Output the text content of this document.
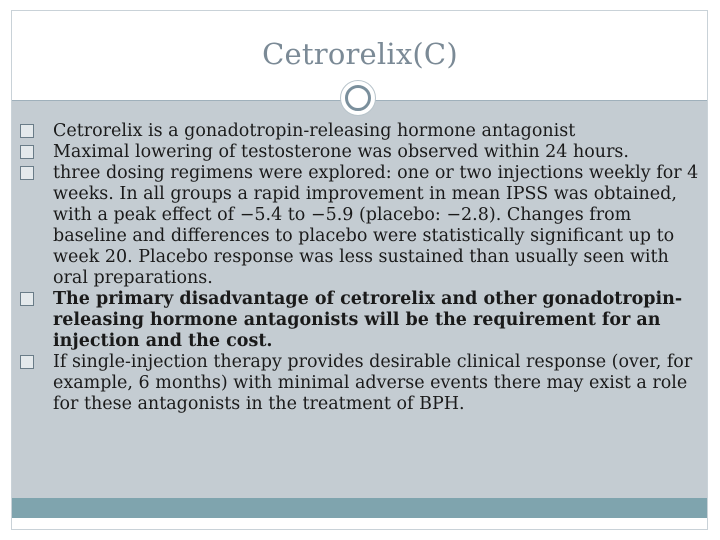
Cetrorelix(C)
Cetrorelix is a gonadotropin-releasing hormone antagonist
Maximal lowering of testosterone was observed within 24 hours.
three dosing regimens were explored: one or two injections weekly for 4 weeks. In all groups a rapid improvement in mean IPSS was obtained, with a peak effect of −5.4 to −5.9 (placebo: −2.8). Changes from baseline and differences to placebo were statistically significant up to week 20. Placebo response was less sustained than usually seen with oral preparations.
The primary disadvantage of cetrorelix and other gonadotropin-releasing hormone antagonists will be the requirement for an injection and the cost.
If single-injection therapy provides desirable clinical response (over, for example, 6 months) with minimal adverse events there may exist a role for these antagonists in the treatment of BPH.
